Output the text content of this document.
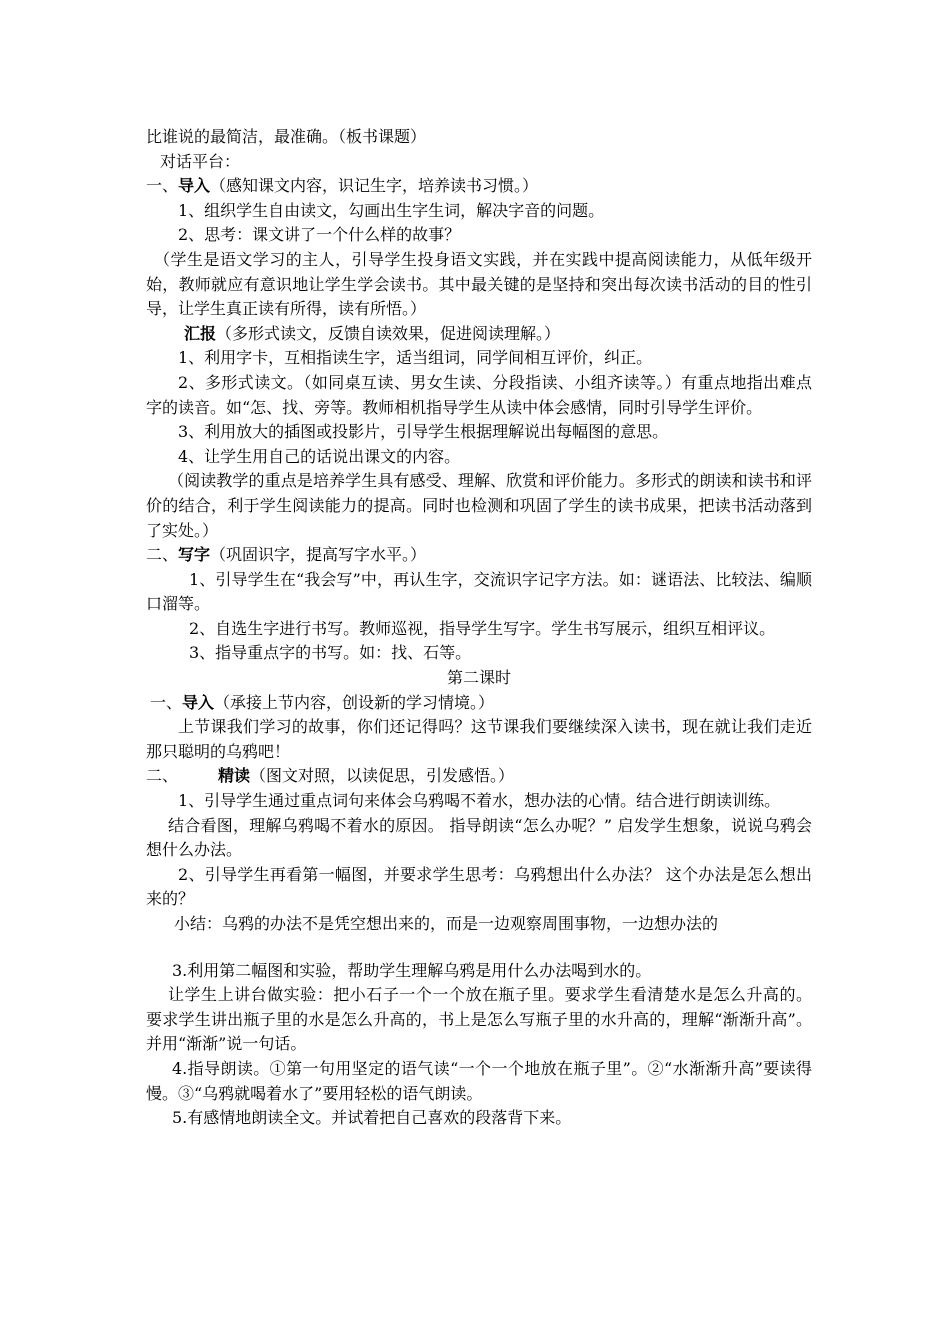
比谁说的最简洁，最准确。（板书课题）

对话平台：

一、导入（感知课文内容，识记生字，培养读书习惯。）

1、组织学生自由读文，勾画出生字生词，解决字音的问题。

2、思考：课文讲了一个什么样的故事？

（学生是语文学习的主人，引导学生投身语文实践，并在实践中提高阅读能力，从低年级开始，教师就应有意识地让学生学会读书。其中最关键的是坚持和突出每次读书活动的目的性引导，让学生真正读有所得，读有所悟。）

汇报（多形式读文，反馈自读效果，促进阅读理解。）

1、利用字卡，互相指读生字，适当组词，同学间相互评价，纠正。

2、多形式读文。（如同桌互读、男女生读、分段指读、小组齐读等。）有重点地指出难点字的读音。如“怎、找、旁等。教师相机指导学生从读中体会感情，同时引导学生评价。

3、利用放大的插图或投影片，引导学生根据理解说出每幅图的意思。

4、让学生用自己的话说出课文的内容。

（阅读教学的重点是培养学生具有感受、理解、欣赏和评价能力。多形式的朗读和读书和评价的结合，利于学生阅读能力的提高。同时也检测和巩固了学生的读书成果，把读书活动落到了实处。）

二、写字（巩固识字，提高写字水平。）

1、引导学生在“我会写”中，再认生字，交流识字记字方法。如：谜语法、比较法、编顺口溜等。

2、自选生字进行书写。教师巡视，指导学生写字。学生书写展示，组织互相评议。

3、指导重点字的书写。如：找、石等。

第二课时

一、导入（承接上节内容，创设新的学习情境。）

上节课我们学习的故事，你们还记得吗？这节课我们要继续深入读书，现在就让我们走近那只聪明的乌鸦吧！

二、	精读（图文对照，以读促思，引发感悟。）

1、引导学生通过重点词句来体会乌鸦喝不着水，想办法的心情。结合进行朗读训练。

结合看图，理解乌鸦喝不着水的原因。 指导朗读“怎么办呢？” 启发学生想象，说说乌鸦会想什么办法。

2、引导学生再看第一幅图，并要求学生思考：乌鸦想出什么办法？ 这个办法是怎么想出来的？

小结：乌鸦的办法不是凭空想出来的，而是一边观察周围事物，一边想办法的

3.利用第二幅图和实验，帮助学生理解乌鸦是用什么办法喝到水的。

让学生上讲台做实验：把小石子一个一个放在瓶子里。要求学生看清楚水是怎么升高的。 要求学生讲出瓶子里的水是怎么升高的，书上是怎么写瓶子里的水升高的，理解“渐渐升高”。并用“渐渐”说一句话。

4.指导朗读。①第一句用坚定的语气读“一个一个地放在瓶子里”。②“水渐渐升高”要读得慢。③“乌鸦就喝着水了”要用轻松的语气朗读。

5.有感情地朗读全文。并试着把自己喜欢的段落背下来。
